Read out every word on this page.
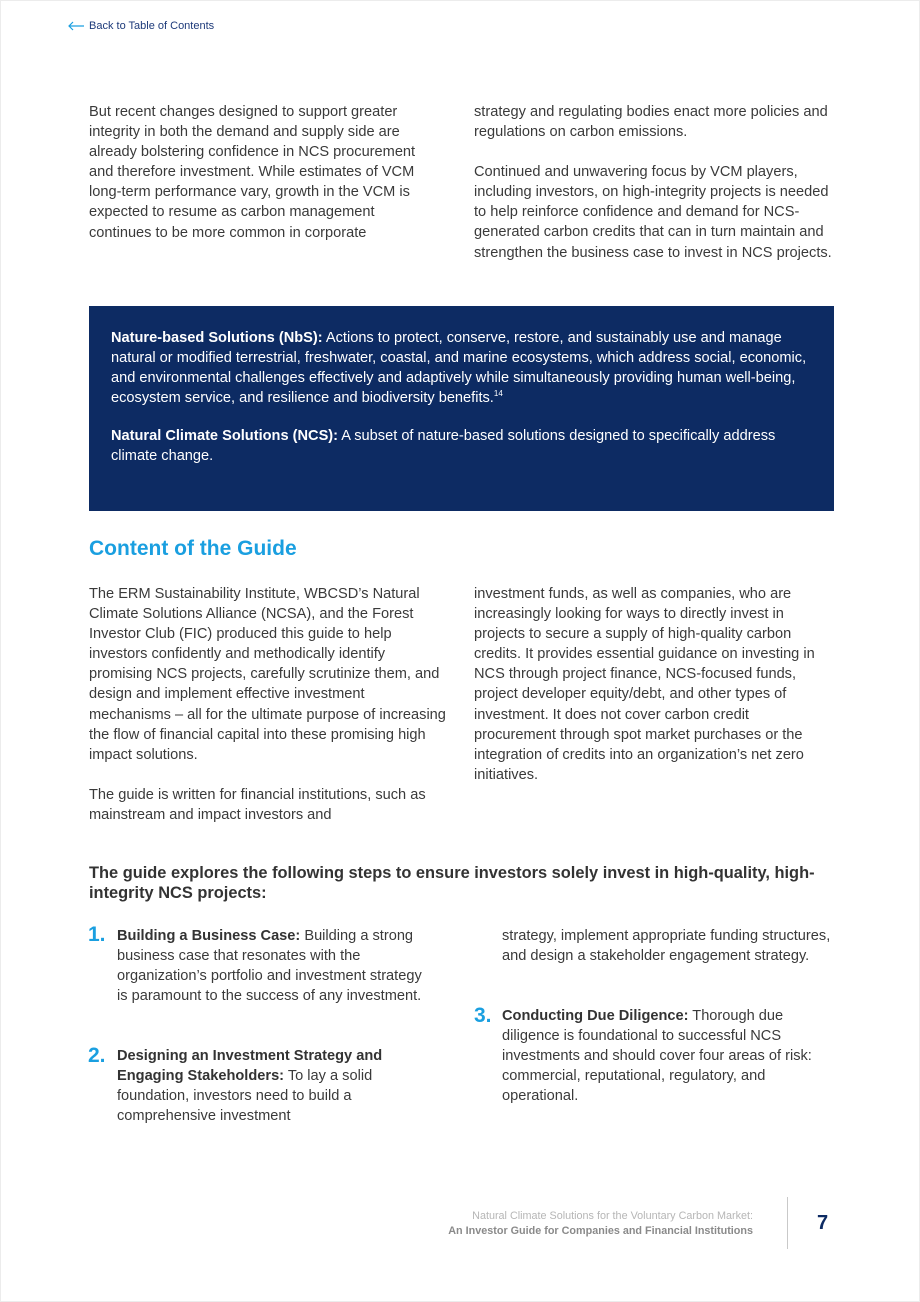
Back to Table of Contents

But recent changes designed to support greater integrity in both the demand and supply side are already bolstering confidence in NCS procurement and therefore investment. While estimates of VCM long-term performance vary, growth in the VCM is expected to resume as carbon management continues to be more common in corporate

strategy and regulating bodies enact more policies and regulations on carbon emissions.

Continued and unwavering focus by VCM players, including investors, on high-integrity projects is needed to help reinforce confidence and demand for NCS-generated carbon credits that can in turn maintain and strengthen the business case to invest in NCS projects.

Nature-based Solutions (NbS): Actions to protect, conserve, restore, and sustainably use and manage natural or modified terrestrial, freshwater, coastal, and marine ecosystems, which address social, economic, and environmental challenges effectively and adaptively while simultaneously providing human well-being, ecosystem service, and resilience and biodiversity benefits.$^{14}$

Natural Climate Solutions (NCS): A subset of nature-based solutions designed to specifically address climate change.

Content of the Guide

The ERM Sustainability Institute, WBCSD’s Natural Climate Solutions Alliance (NCSA), and the Forest Investor Club (FIC) produced this guide to help investors confidently and methodically identify promising NCS projects, carefully scrutinize them, and design and implement effective investment mechanisms – all for the ultimate purpose of increasing the flow of financial capital into these promising high impact solutions.

The guide is written for financial institutions, such as mainstream and impact investors and

investment funds, as well as companies, who are increasingly looking for ways to directly invest in projects to secure a supply of high-quality carbon credits. It provides essential guidance on investing in NCS through project finance, NCS-focused funds, project developer equity/debt, and other types of investment. It does not cover carbon credit procurement through spot market purchases or the integration of credits into an organization’s net zero initiatives.

The guide explores the following steps to ensure investors solely invest in high-quality, high-integrity NCS projects:
1. Building a Business Case: Building a strong business case that resonates with the organization’s portfolio and investment strategy is paramount to the success of any investment.
2. Designing an Investment Strategy and Engaging Stakeholders: To lay a solid foundation, investors need to build a comprehensive investment
strategy, implement appropriate funding structures, and design a stakeholder engagement strategy.
3. Conducting Due Diligence: Thorough due diligence is foundational to successful NCS investments and should cover four areas of risk: commercial, reputational, regulatory, and operational.
Natural Climate Solutions for the Voluntary Carbon Market:
An Investor Guide for Companies and Financial Institutions	7
